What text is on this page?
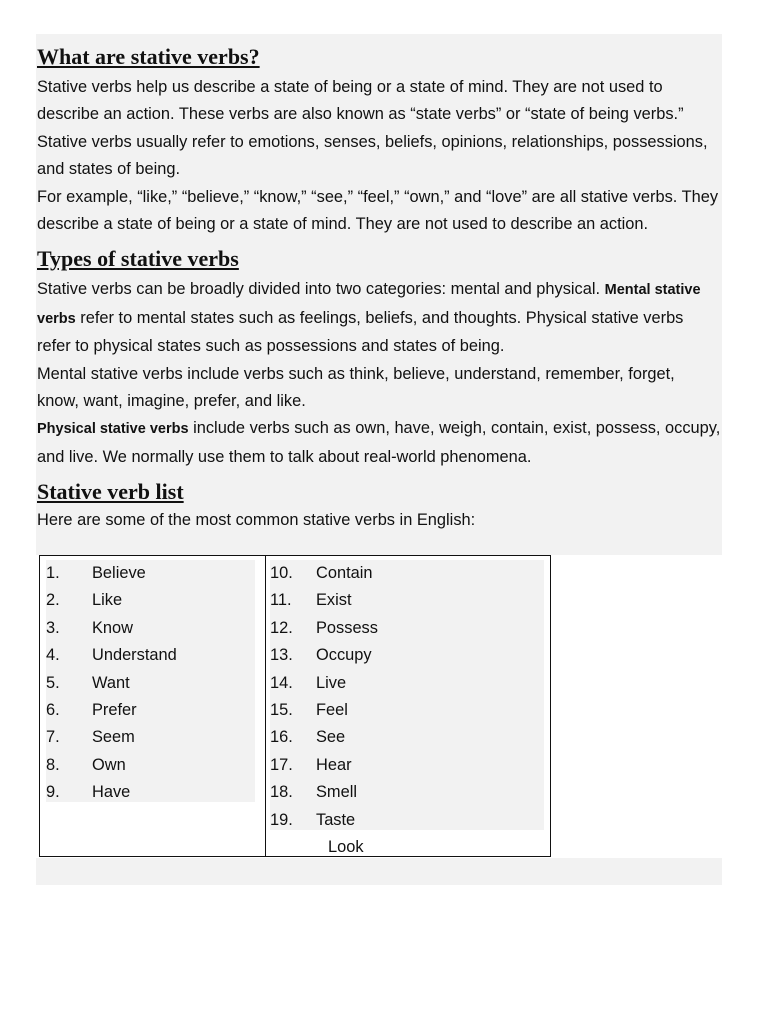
What are stative verbs?

Stative verbs help us describe a state of being or a state of mind. They are not used to describe an action. These verbs are also known as “state verbs” or “state of being verbs.” Stative verbs usually refer to emotions, senses, beliefs, opinions, relationships, possessions, and states of being.

For example, “like,” “believe,” “know,” “see,” “feel,” “own,” and “love” are all stative verbs. They describe a state of being or a state of mind. They are not used to describe an action.

Types of stative verbs

Stative verbs can be broadly divided into two categories: mental and physical. Mental stative verbs refer to mental states such as feelings, beliefs, and thoughts. Physical stative verbs refer to physical states such as possessions and states of being.

Mental stative verbs include verbs such as think, believe, understand, remember, forget, know, want, imagine, prefer, and like.

Physical stative verbs include verbs such as own, have, weigh, contain, exist, possess, occupy, and live. We normally use them to talk about real-world phenomena.

Stative verb list

Here are some of the most common stative verbs in English:

1. Believe
2. Like
3. Know
4. Understand
5. Want
6. Prefer
7. Seem
8. Own
9. Have
10. Contain
11. Exist
12. Possess
13. Occupy
14. Live
15. Feel
16. See
17. Hear
18. Smell
19. Taste
Look
